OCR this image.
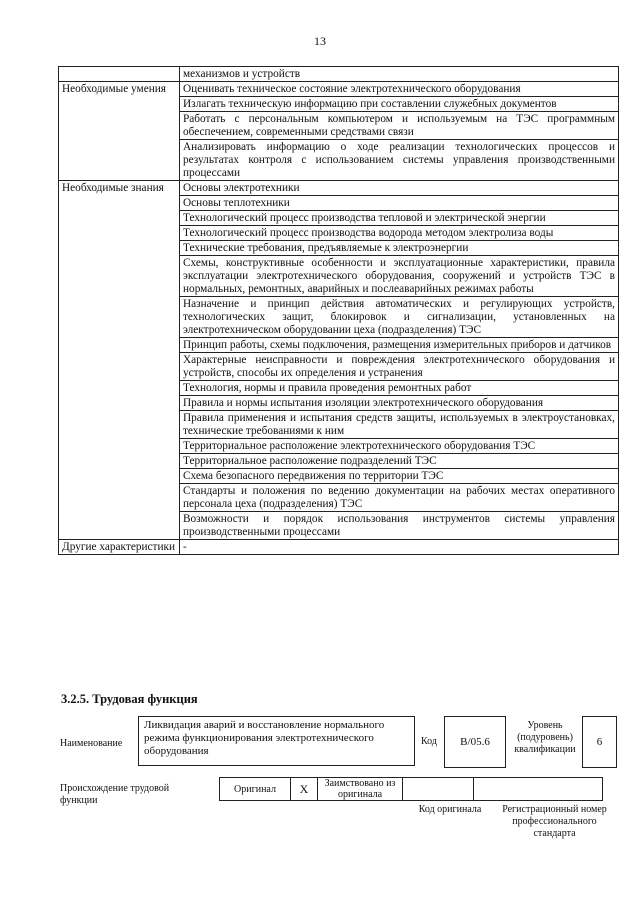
13
	механизмов и устройств
Необходимые умения	Оценивать техническое состояние электротехнического оборудования
	Излагать техническую информацию при составлении служебных документов
	Работать с персональным компьютером и используемым на ТЭС программным обеспечением, современными средствами связи
	Анализировать информацию о ходе реализации технологических процессов и результатах контроля с использованием системы управления производственными процессами
Необходимые знания	Основы электротехники
	Основы теплотехники
	Технологический процесс производства тепловой и электрической энергии
	Технологический процесс производства водорода методом электролиза воды
	Технические требования, предъявляемые к электроэнергии
	Схемы, конструктивные особенности и эксплуатационные характеристики, правила эксплуатации электротехнического оборудования, сооружений и устройств ТЭС в нормальных, ремонтных, аварийных и послеаварийных режимах работы
	Назначение и принцип действия автоматических и регулирующих устройств, технологических защит, блокировок и сигнализации, установленных на электротехническом оборудовании цеха (подразделения) ТЭС
	Принцип работы, схемы подключения, размещения измерительных приборов и датчиков
	Характерные неисправности и повреждения электротехнического оборудования и устройств, способы их определения и устранения
	Технология, нормы и правила проведения ремонтных работ
	Правила и нормы испытания изоляции электротехнического оборудования
	Правила применения и испытания средств защиты, используемых в электроустановках, технические требованиями к ним
	Территориальное расположение электротехнического оборудования ТЭС
	Территориальное расположение подразделений ТЭС
	Схема безопасного передвижения по территории ТЭС
	Стандарты и положения по ведению документации на рабочих местах оперативного персонала цеха (подразделения) ТЭС
	Возможности и порядок использования инструментов системы управления производственными процессами
Другие характеристики	-
3.2.5. Трудовая функция
Наименование
Ликвидация аварий и восстановление нормального режима функционирования электротехнического оборудования
Код	B/05.6
Уровень (подуровень) квалификации
6
Происхождение трудовой функции
Оригинал	X	Заимствовано из оригинала		
Код оригинала	Регистрационный номер профессионального стандарта
